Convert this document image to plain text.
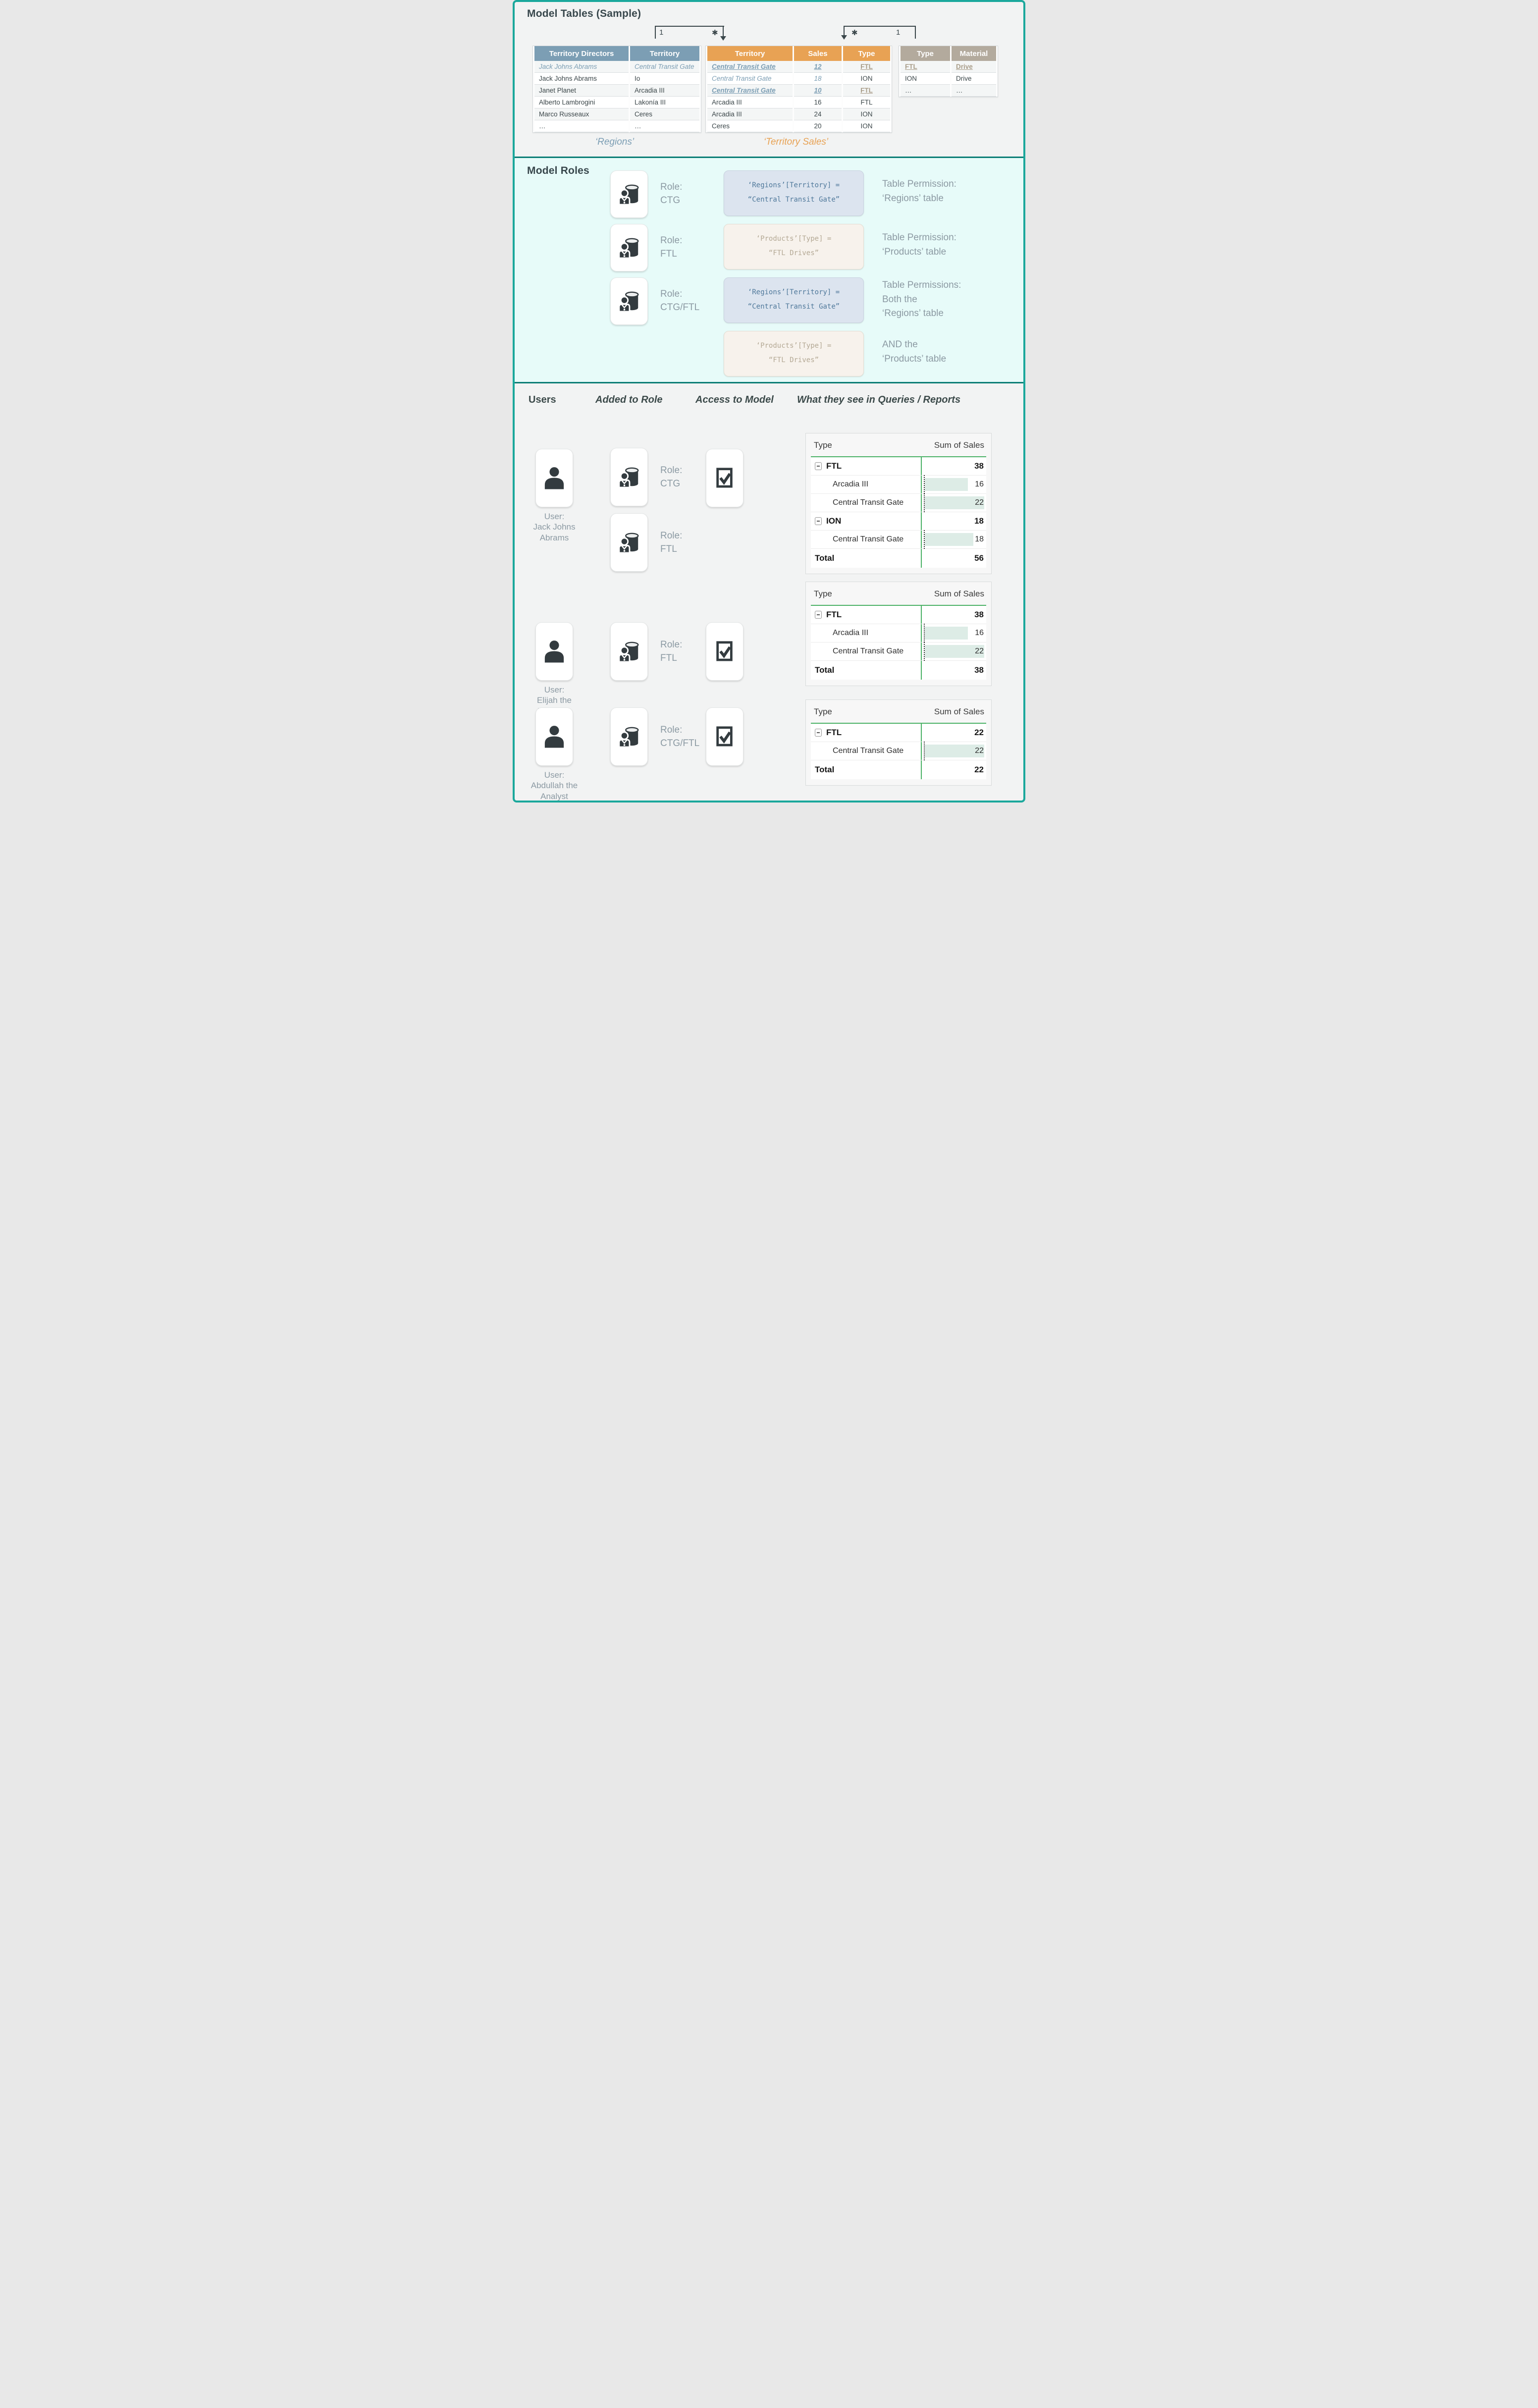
Model Tables (Sample)
1	✱	✱	1
Territory Directors	Territory
Jack Johns Abrams	Central Transit Gate
Jack Johns Abrams	Io
Janet Planet	Arcadia III
Alberto Lambrogini	Lakonía III
Marco Russeaux	Ceres
…	…
Territory	Sales	Type
Central Transit Gate	12	FTL
Central Transit Gate	18	ION
Central Transit Gate	10	FTL
Arcadia III	16	FTL
Arcadia III	24	ION
Ceres	20	ION
Type	Material
FTL	Drive
ION	Drive
…	…
‘Regions’	‘Territory Sales’
Model Roles
Role:
CTG
‘Regions’[Territory] =
“Central Transit Gate”
Table Permission:
‘Regions’ table
Role:
FTL
‘Products’[Type] =
“FTL Drives”
Table Permission:
‘Products’ table
Role:
CTG/FTL
‘Regions’[Territory] =
“Central Transit Gate”
Table Permissions:
Both the
‘Regions’ table
‘Products’[Type] =
“FTL Drives”
AND the
‘Products’ table
Users	Added to Role	Access to Model What they see in Queries / Reports
User:
Jack Johns
Abrams
Role:
CTG
Role:
FTL
Type	Sum of Sales
FTL	38
Arcadia III	16
Central Transit Gate	22
ION	18
Central Transit Gate	18
Total	56
User:
Elijah the
Role:
FTL
Type	Sum of Sales
FTL	38
Arcadia III	16
Central Transit Gate	22
Total	38
User:
Abdullah the
Analyst
Role:
CTG/FTL
Type	Sum of Sales
FTL	22
Central Transit Gate	22
Total	22
